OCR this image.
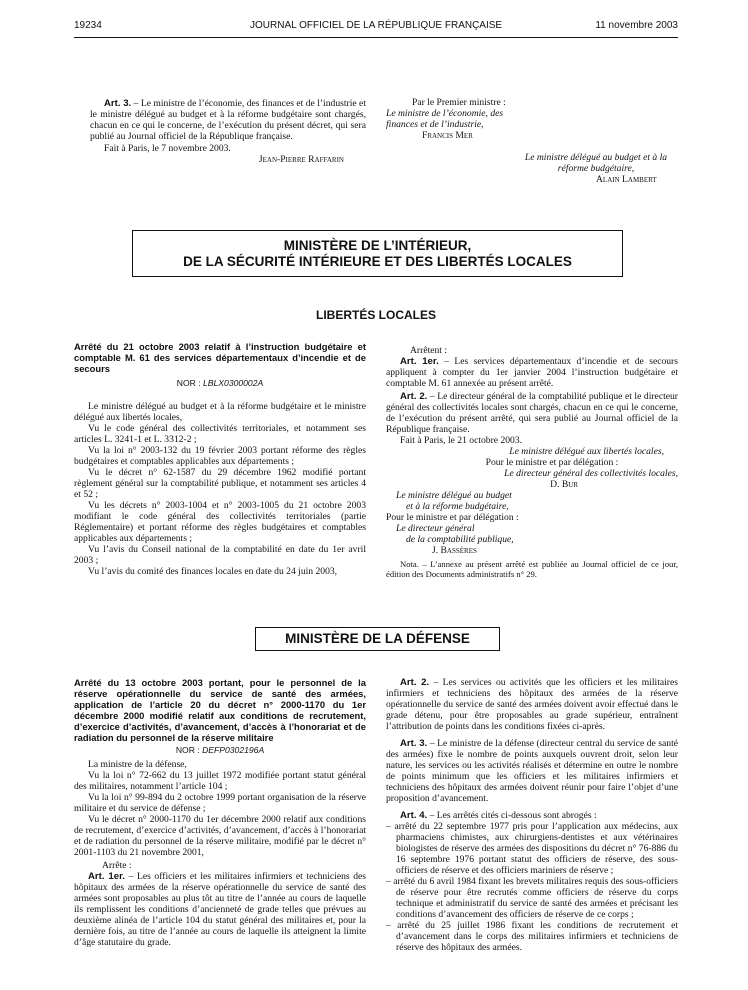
19234	JOURNAL OFFICIEL DE LA RÉPUBLIQUE FRANÇAISE	11 novembre 2003

Art. 3. – Le ministre de l’économie, des finances et de l’industrie et le ministre délégué au budget et à la réforme budgétaire sont chargés, chacun en ce qui le concerne, de l’exécution du présent décret, qui sera publié au Journal officiel de la République française.

Fait à Paris, le 7 novembre 2003.

Jean-Pierre Raffarin

Par le Premier ministre :

Le ministre de l’économie, des finances et de l’industrie,

Francis Mer

Le ministre délégué au budget et à la réforme budgétaire,

Alain Lambert

MINISTÈRE DE L’INTÉRIEUR,
DE LA SÉCURITÉ INTÉRIEURE ET DES LIBERTÉS LOCALES
LIBERTÉS LOCALES

Arrêté du 21 octobre 2003 relatif à l’instruction budgétaire et comptable M. 61 des services départementaux d’incendie et de secours

NOR : LBLX0300002A

Le ministre délégué au budget et à la réforme budgétaire et le ministre délégué aux libertés locales,

Vu le code général des collectivités territoriales, et notamment ses articles L. 3241-1 et L. 3312-2 ;

Vu la loi n° 2003-132 du 19 février 2003 portant réforme des règles budgétaires et comptables applicables aux départements ;

Vu le décret n° 62-1587 du 29 décembre 1962 modifié portant règlement général sur la comptabilité publique, et notamment ses articles 4 et 52 ;

Vu les décrets n° 2003-1004 et n° 2003-1005 du 21 octobre 2003 modifiant le code général des collectivités territoriales (partie Réglementaire) et portant réforme des règles budgétaires et comptables applicables aux départements ;

Vu l’avis du Conseil national de la comptabilité en date du 1er avril 2003 ;

Vu l’avis du comité des finances locales en date du 24 juin 2003,

Arrêtent :

Art. 1er. – Les services départementaux d’incendie et de secours appliquent à compter du 1er janvier 2004 l’instruction budgétaire et comptable M. 61 annexée au présent arrêté.

Art. 2. – Le directeur général de la comptabilité publique et le directeur général des collectivités locales sont chargés, chacun en ce qui le concerne, de l’exécution du présent arrêté, qui sera publié au Journal officiel de la République française.

Fait à Paris, le 21 octobre 2003.

Le ministre délégué aux libertés locales,

Pour le ministre et par délégation :

Le directeur général des collectivités locales,

D. Bur

Le ministre délégué au budget

et à la réforme budgétaire,

Pour le ministre et par délégation :

Le directeur général

de la comptabilité publique,

J. Bassères

Nota. – L’annexe au présent arrêté est publiée au Journal officiel de ce jour, édition des Documents administratifs n° 29.

MINISTÈRE DE LA DÉFENSE

Arrêté du 13 octobre 2003 portant, pour le personnel de la réserve opérationnelle du service de santé des armées, application de l’article 20 du décret n° 2000-1170 du 1er décembre 2000 modifié relatif aux conditions de recrutement, d’exercice d’activités, d’avancement, d’accès à l’honorariat et de radiation du personnel de la réserve militaire

NOR : DEFP0302196A

La ministre de la défense,

Vu la loi n° 72-662 du 13 juillet 1972 modifiée portant statut général des militaires, notamment l’article 104 ;

Vu la loi n° 99-894 du 2 octobre 1999 portant organisation de la réserve militaire et du service de défense ;

Vu le décret n° 2000-1170 du 1er décembre 2000 relatif aux conditions de recrutement, d’exercice d’activités, d’avancement, d’accès à l’honorariat et de radiation du personnel de la réserve militaire, modifié par le décret n° 2001-1103 du 21 novembre 2001,

Arrête :

Art. 1er. – Les officiers et les militaires infirmiers et techniciens des hôpitaux des armées de la réserve opérationnelle du service de santé des armées sont proposables au plus tôt au titre de l’année au cours de laquelle ils remplissent les conditions d’ancienneté de grade telles que prévues au deuxième alinéa de l’article 104 du statut général des militaires et, pour la dernière fois, au titre de l’année au cours de laquelle ils atteignent la limite d’âge statutaire du grade.

Art. 2. – Les services ou activités que les officiers et les militaires infirmiers et techniciens des hôpitaux des armées de la réserve opérationnelle du service de santé des armées doivent avoir effectué dans le grade détenu, pour être proposables au grade supérieur, entraînent l’attribution de points dans les conditions fixées ci-après.

Art. 3. – Le ministre de la défense (directeur central du service de santé des armées) fixe le nombre de points auxquels ouvrent droit, selon leur nature, les services ou les activités réalisés et détermine en outre le nombre de points minimum que les officiers et les militaires infirmiers et techniciens des hôpitaux des armées doivent réunir pour faire l’objet d’une proposition d’avancement.

Art. 4. – Les arrêtés cités ci-dessous sont abrogés :

– arrêté du 22 septembre 1977 pris pour l’application aux médecins, aux pharmaciens chimistes, aux chirurgiens-dentistes et aux vétérinaires biologistes de réserve des armées des dispositions du décret n° 76-886 du 16 septembre 1976 portant statut des officiers de réserve, des sous-officiers de réserve et des officiers mariniers de réserve ;
– arrêté du 6 avril 1984 fixant les brevets militaires requis des sous-officiers de réserve pour être recrutés comme officiers de réserve du corps technique et administratif du service de santé des armées et précisant les conditions d’avancement des officiers de réserve de ce corps ;
– arrêté du 25 juillet 1986 fixant les conditions de recrutement et d’avancement dans le corps des militaires infirmiers et techniciens de réserve des hôpitaux des armées.
